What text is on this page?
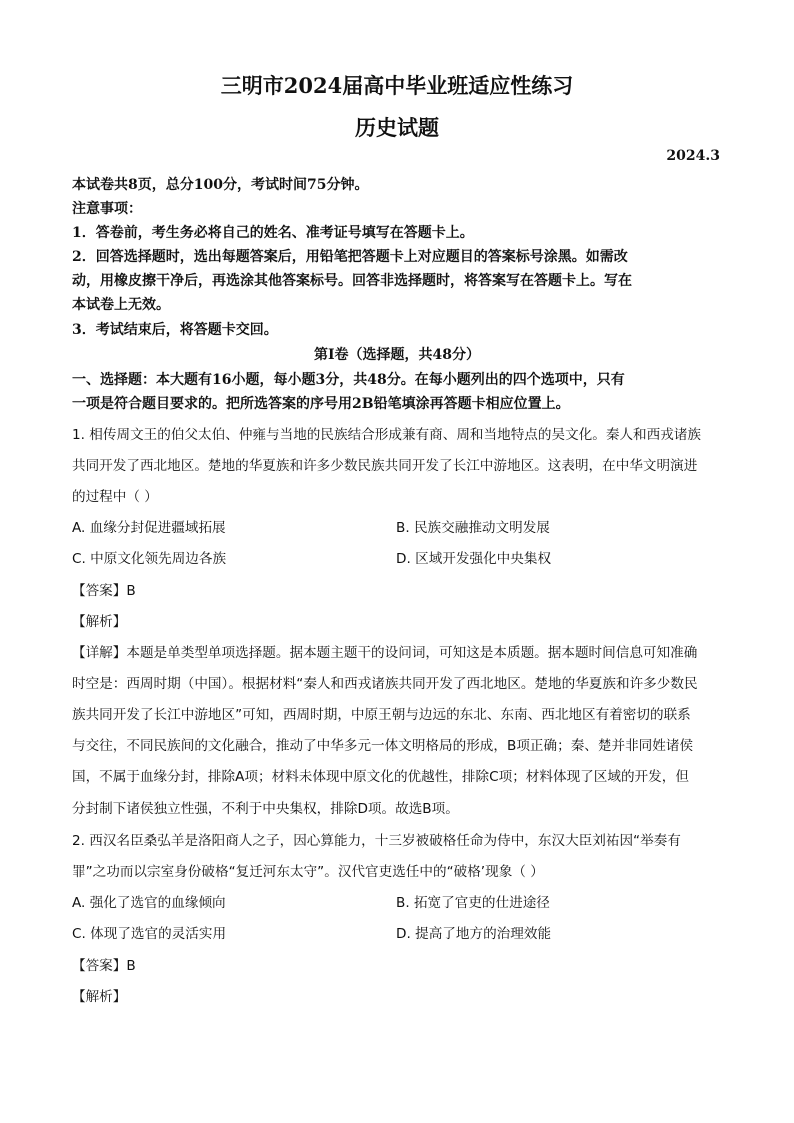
三明市2024届高中毕业班适应性练习
历史试题
2024.3
本试卷共8页，总分100分，考试时间75分钟。
注意事项：
1．答卷前，考生务必将自己的姓名、准考证号填写在答题卡上。
2．回答选择题时，选出每题答案后，用铅笔把答题卡上对应题目的答案标号涂黑。如需改
动，用橡皮擦干净后，再选涂其他答案标号。回答非选择题时，将答案写在答题卡上。写在
本试卷上无效。
3．考试结束后，将答题卡交回。
第Ⅰ卷（选择题，共48分）
一、选择题：本大题有16小题，每小题3分，共48分。在每小题列出的四个选项中，只有
一项是符合题目要求的。把所选答案的序号用2B铅笔填涂再答题卡相应位置上。
1. 相传周文王的伯父太伯、仲雍与当地的民族结合形成兼有商、周和当地特点的吴文化。秦人和西戎诸族
共同开发了西北地区。楚地的华夏族和许多少数民族共同开发了长江中游地区。这表明，在中华文明演进
的过程中（ ）
A. 血缘分封促进疆域拓展	B. 民族交融推动文明发展
C. 中原文化领先周边各族	D. 区域开发强化中央集权
【答案】B
【解析】
【详解】本题是单类型单项选择题。据本题主题干的设问词，可知这是本质题。据本题时间信息可知准确
时空是：西周时期（中国）。根据材料“秦人和西戎诸族共同开发了西北地区。楚地的华夏族和许多少数民
族共同开发了长江中游地区”可知，西周时期，中原王朝与边远的东北、东南、西北地区有着密切的联系
与交往，不同民族间的文化融合，推动了中华多元一体文明格局的形成，B项正确；秦、楚并非同姓诸侯
国，不属于血缘分封，排除A项；材料未体现中原文化的优越性，排除C项；材料体现了区域的开发，但
分封制下诸侯独立性强，不利于中央集权，排除D项。故选B项。
2. 西汉名臣桑弘羊是洛阳商人之子，因心算能力，十三岁被破格任命为侍中，东汉大臣刘祐因“举奏有
罪”之功而以宗室身份破格“复迁河东太守”。汉代官吏选任中的“破格’现象（ ）
A. 强化了选官的血缘倾向	B. 拓宽了官吏的仕进途径
C. 体现了选官的灵活实用	D. 提高了地方的治理效能
【答案】B
【解析】
